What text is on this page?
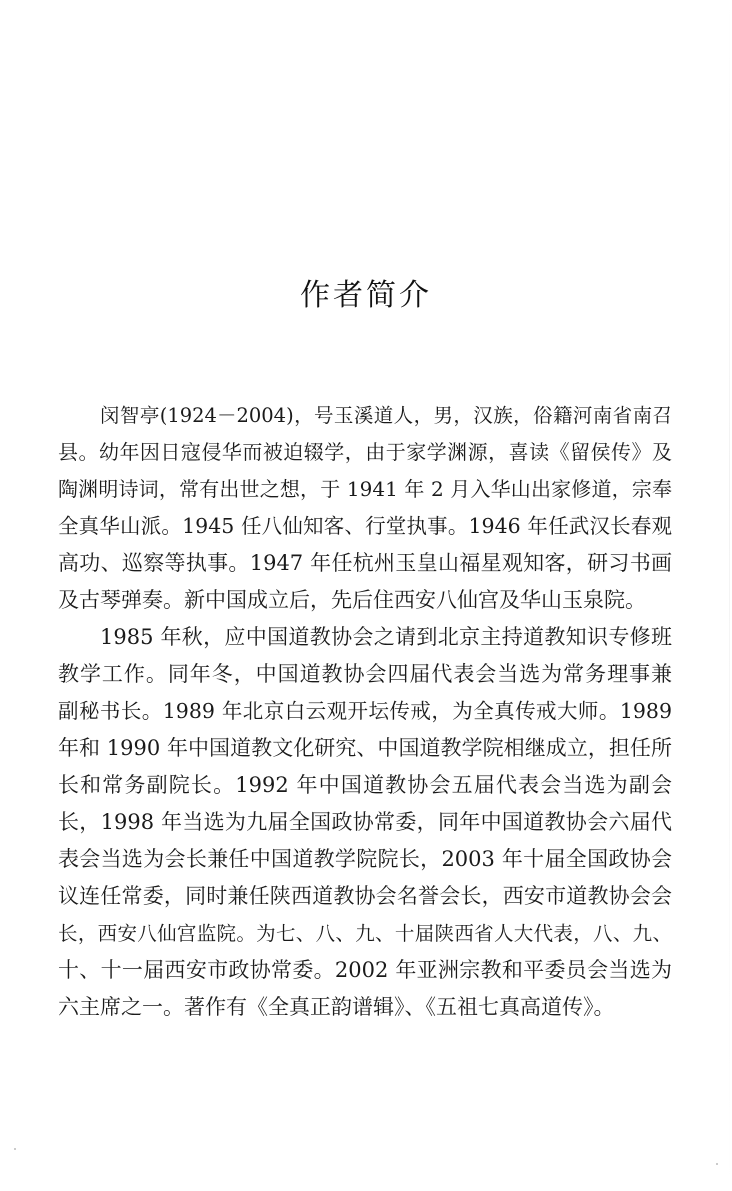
作者简介
闵智亭(1924－2004)，号玉溪道人，男，汉族，俗籍河南省南召
县。幼年因日寇侵华而被迫辍学，由于家学渊源，喜读《留侯传》及
陶渊明诗词，常有出世之想，于 1941 年 2 月入华山出家修道，宗奉
全真华山派。1945 任八仙知客、行堂执事。1946 年任武汉长春观
高功、巡察等执事。1947 年任杭州玉皇山福星观知客，研习书画
及古琴弹奏。新中国成立后，先后住西安八仙宫及华山玉泉院。
1985 年秋，应中国道教协会之请到北京主持道教知识专修班
教学工作。同年冬，中国道教协会四届代表会当选为常务理事兼
副秘书长。1989 年北京白云观开坛传戒，为全真传戒大师。1989
年和 1990 年中国道教文化研究、中国道教学院相继成立，担任所
长和常务副院长。1992 年中国道教协会五届代表会当选为副会
长，1998 年当选为九届全国政协常委，同年中国道教协会六届代
表会当选为会长兼任中国道教学院院长，2003 年十届全国政协会
议连任常委，同时兼任陕西道教协会名誉会长，西安市道教协会会
长，西安八仙宫监院。为七、八、九、十届陕西省人大代表，八、九、
十、十一届西安市政协常委。2002 年亚洲宗教和平委员会当选为
六主席之一。著作有《全真正韵谱辑》、《五祖七真高道传》。
